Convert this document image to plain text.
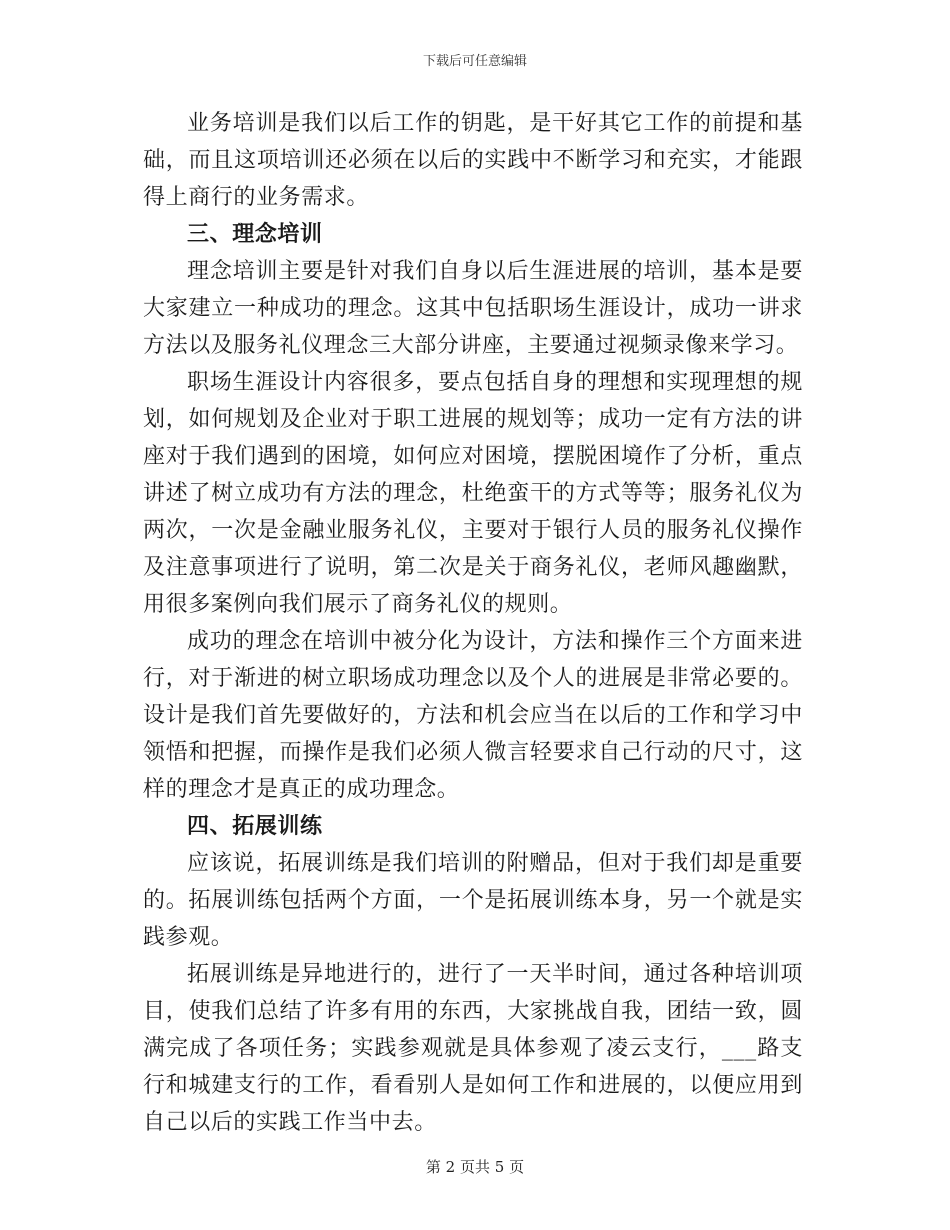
下载后可任意编辑

业务培训是我们以后工作的钥匙，是干好其它工作的前提和基础，而且这项培训还必须在以后的实践中不断学习和充实，才能跟得上商行的业务需求。

三、理念培训

理念培训主要是针对我们自身以后生涯进展的培训，基本是要大家建立一种成功的理念。这其中包括职场生涯设计，成功一讲求方法以及服务礼仪理念三大部分讲座，主要通过视频录像来学习。

职场生涯设计内容很多，要点包括自身的理想和实现理想的规划，如何规划及企业对于职工进展的规划等；成功一定有方法的讲座对于我们遇到的困境，如何应对困境，摆脱困境作了分析，重点讲述了树立成功有方法的理念，杜绝蛮干的方式等等；服务礼仪为两次，一次是金融业服务礼仪，主要对于银行人员的服务礼仪操作及注意事项进行了说明，第二次是关于商务礼仪，老师风趣幽默，用很多案例向我们展示了商务礼仪的规则。

成功的理念在培训中被分化为设计，方法和操作三个方面来进行，对于渐进的树立职场成功理念以及个人的进展是非常必要的。设计是我们首先要做好的，方法和机会应当在以后的工作和学习中领悟和把握，而操作是我们必须人微言轻要求自己行动的尺寸，这样的理念才是真正的成功理念。

四、拓展训练

应该说，拓展训练是我们培训的附赠品，但对于我们却是重要的。拓展训练包括两个方面，一个是拓展训练本身，另一个就是实践参观。

拓展训练是异地进行的，进行了一天半时间，通过各种培训项目，使我们总结了许多有用的东西，大家挑战自我，团结一致，圆满完成了各项任务；实践参观就是具体参观了凌云支行，___路支行和城建支行的工作，看看别人是如何工作和进展的，以便应用到自己以后的实践工作当中去。

第 2 页共 5 页
